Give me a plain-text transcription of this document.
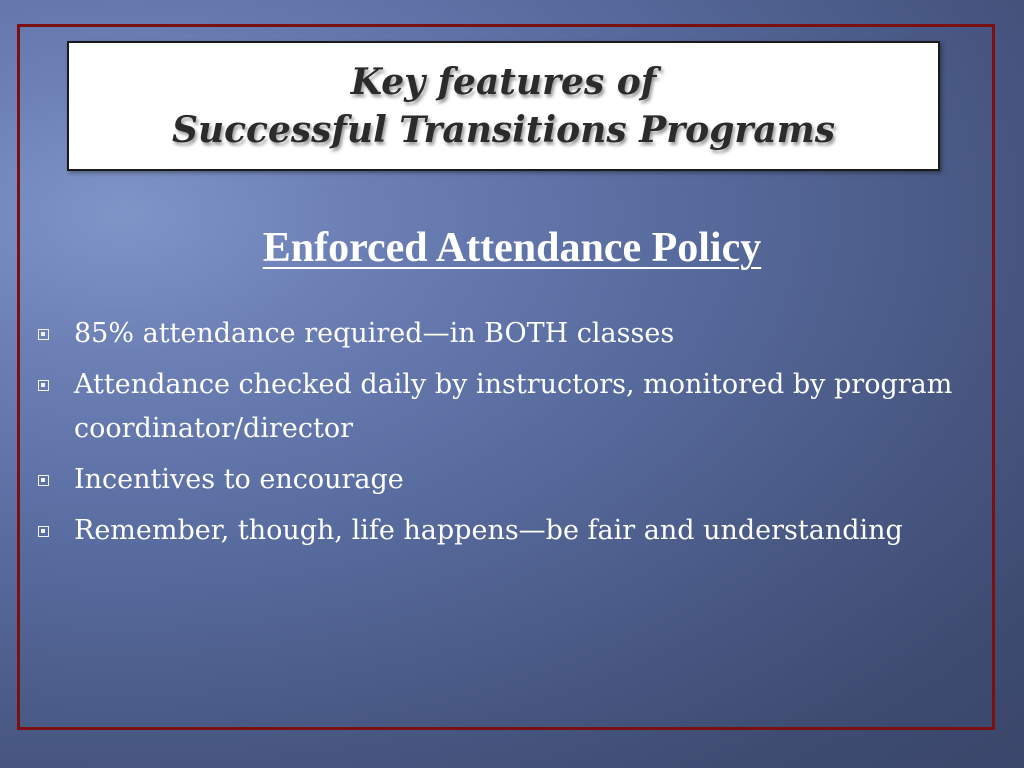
Key features of
Successful Transitions Programs
Enforced Attendance Policy
85% attendance required—in BOTH classes
Attendance checked daily by instructors, monitored by program coordinator/director
Incentives to encourage
Remember, though, life happens—be fair and understanding
